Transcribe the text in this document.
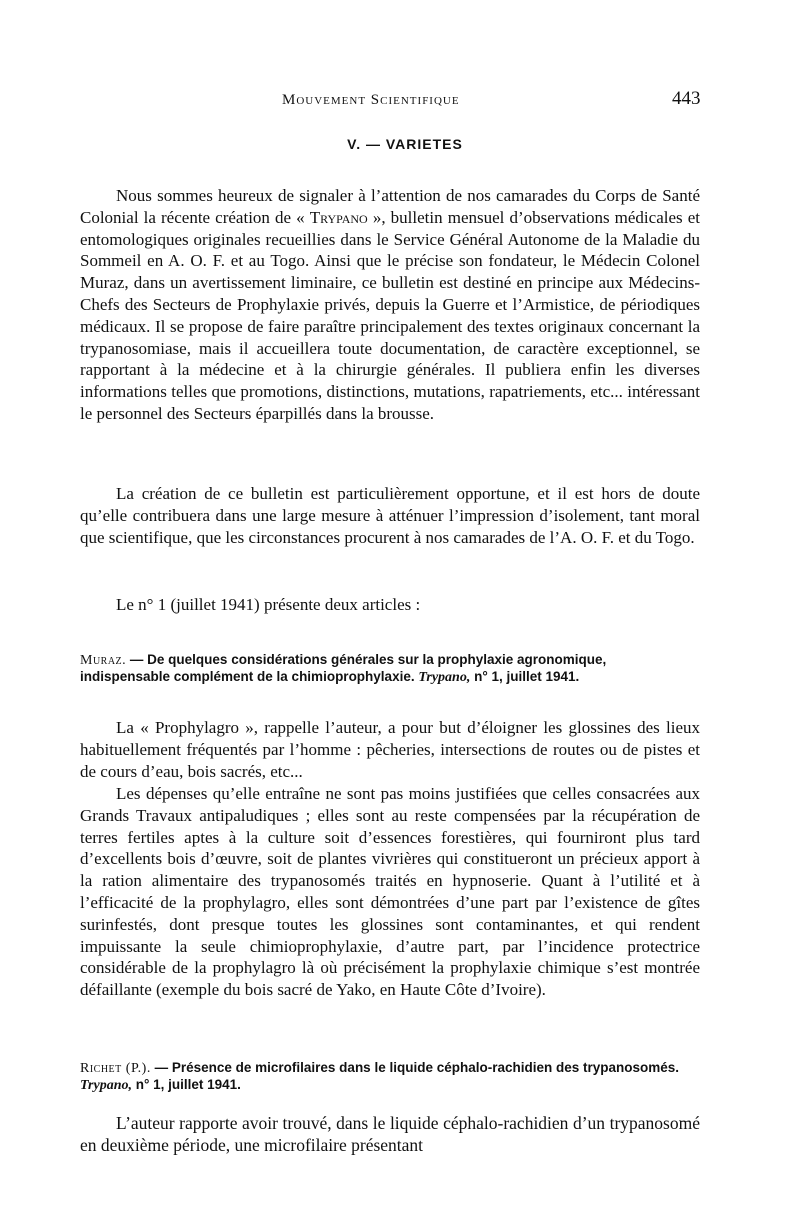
Mouvement Scientifique	443
V. — VARIETES

Nous sommes heureux de signaler à l’attention de nos camarades du Corps de Santé Colonial la récente création de « Trypano », bulletin mensuel d’observations médicales et entomologiques originales recueillies dans le Service Général Autonome de la Maladie du Sommeil en A. O. F. et au Togo. Ainsi que le précise son fondateur, le Médecin Colonel Muraz, dans un avertissement liminaire, ce bulletin est destiné en principe aux Médecins-Chefs des Secteurs de Prophylaxie privés, depuis la Guerre et l’Armistice, de périodiques médicaux. Il se propose de faire paraître principalement des textes originaux concernant la trypanosomiase, mais il accueillera toute documentation, de caractère exceptionnel, se rapportant à la médecine et à la chirurgie générales. Il publiera enfin les diverses informations telles que promotions, distinctions, mutations, rapatriements, etc... intéressant le personnel des Secteurs éparpillés dans la brousse.

La création de ce bulletin est particulièrement opportune, et il est hors de doute qu’elle contribuera dans une large mesure à atténuer l’impression d’isolement, tant moral que scientifique, que les circonstances procurent à nos camarades de l’A. O. F. et du Togo.

Le n° 1 (juillet 1941) présente deux articles :

Muraz. — De quelques considérations générales sur la prophylaxie agronomique, indispensable complément de la chimioprophylaxie. Trypano, n° 1, juillet 1941.

La « Prophylagro », rappelle l’auteur, a pour but d’éloigner les glossines des lieux habituellement fréquentés par l’homme : pêcheries, intersections de routes ou de pistes et de cours d’eau, bois sacrés, etc...

Les dépenses qu’elle entraîne ne sont pas moins justifiées que celles consacrées aux Grands Travaux antipaludiques ; elles sont au reste compensées par la récupération de terres fertiles aptes à la culture soit d’essences forestières, qui fourniront plus tard d’excellents bois d’œuvre, soit de plantes vivrières qui constitueront un précieux apport à la ration alimentaire des trypanosomés traités en hypnoserie. Quant à l’utilité et à l’efficacité de la prophylagro, elles sont démontrées d’une part par l’existence de gîtes surinfestés, dont presque toutes les glossines sont contaminantes, et qui rendent impuissante la seule chimioprophylaxie, d’autre part, par l’incidence protectrice considérable de la prophylagro là où précisément la prophylaxie chimique s’est montrée défaillante (exemple du bois sacré de Yako, en Haute Côte d’Ivoire).

Richet (P.). — Présence de microfilaires dans le liquide céphalo-rachidien des trypanosomés. Trypano, n° 1, juillet 1941.

L’auteur rapporte avoir trouvé, dans le liquide céphalo-rachidien d’un trypanosomé en deuxième période, une microfilaire présentant
